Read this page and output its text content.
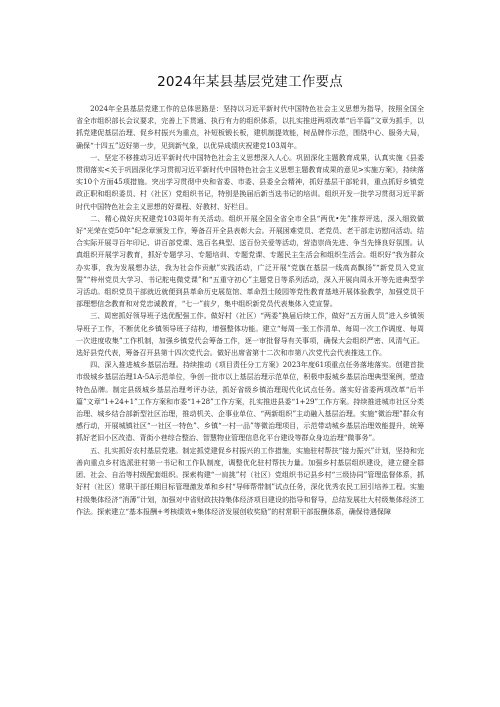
2024年某县基层党建工作要点

2024年全县基层党建工作的总体思路是：坚持以习近平新时代中国特色社会主义思想为指导，按照全国全省全市组织部长会议要求，完善上下贯通、执行有力的组织体系，以扎实推进两项改革“后半篇”文章为抓手，以抓党建促基层治理、促乡村振兴为重点，补短板锻长板，建机制提效能，树品牌作示范，围绕中心、服务大局，确保“十四五”迈好第一步，见到新气象，以优异成绩庆祝建党103周年。

一、坚定不移推动习近平新时代中国特色社会主义思想深入人心。巩固深化主题教育成果，认真实施《县委贯彻落实<关于巩固深化学习贯彻习近平新时代中国特色社会主义思想主题教育成果的意见>实施方案》，持续落实10个方面45项措施。突出学习贯彻中央和省委、市委、县委全会精神，抓好基层干部轮训，重点抓好乡镇党政正职和组织委员、村（社区）党组织书记，特别是换届后新当选书记的培训。组织开发一批学习贯彻习近平新时代中国特色社会主义思想的好课程、好教材、好栏目。

二、精心做好庆祝建党103周年有关活动。组织开展全国全省全市全县“两优•先”推荐评选，深入细致做好“光荣在党50年”纪念章颁发工作，筹备召开全县表彰大会。开展困难党员、老党员、老干部走访慰问活动。结合实际开展寻百年印记、讲百部党课、选百名典型、送百份关爱等活动，营造崇尚先进、争当先锋良好氛围。认真组织开展学习教育，抓好专题学习、专题培训、专题党课、专题民主生活会和组织生活会。组织好“我为群众办实事，我为发展想办法，我为社会作贡献”实践活动，广泛开展“党旗在基层一线高高飘扬”“新党员入党宣誓”“梓州党员大学习、书记舵电微党课”和“五重守初心”主题党日等系列活动，深入开展向周永开等先进典型学习活动。组织党员干部就近就便到县革命历史展览馆、革命烈士陵园等党性教育基地开展体验教学，加强党员干部理想信念教育和对党忠诚教育，“七一”前夕，集中组织新党员代表集体入党宣誓。

三、周密抓好领导班子选优配强工作。做好村（社区）“两委”换届后续工作，做好“五方面人员”进入乡镇领导班子工作，不断优化乡镇领导班子结构，增强整体功能。建立“每周一张工作清单、每周一次工作调度、每周一次进度收集”工作机制，加强乡镇党代会筹备工作，逐一审批督导有关事项，确保大会组织严密、风清气正。选好县党代表，筹备召开县第十四次党代会。做好出席省第十二次和市第八次党代会代表推选工作。

四、深入推进城乡基层治理。持续推动《项目责任分工方案》2023年度61项重点任务落地落实。创建首批市级城乡基层治理1A-5A示范单位，争创一批市以上基层治理示范单位，积极申报城乡基层治理典型案例，塑造特色品牌。制定县级城乡基层治理考评办法，抓好省级乡镇治理现代化试点任务。落实好省委两项改革“后半篇”文章“1+24+1”工作方案和市委“1+28”工作方案，扎实推进县委“1+29”工作方案。持续推进城市社区分类治理、城乡结合部新型社区治理，推动机关、企事业单位、“两新组织”主动融入基层治理。实施“微治理”群众有感行动，开展城镇社区“一社区一特色”、乡镇“一村一品”等微治理项目，示范带动城乡基层治理效能提升，统筹抓好老旧小区改造、背街小巷综合整治、智慧物业管理信息化平台建设等群众身边治理“微事务”。

五、扎实抓好农村基层党建。制定抓党建促乡村振兴的工作措施，实施驻村帮扶“接力振兴”计划，坚持和完善向重点乡村选派驻村第一书记和工作队制度，调整优化驻村帮扶力量。加强乡村基层组织建设，建立健全群团、社会、自治等村级配套组织。探索构建“一肩挑”村（社区）党组织书记县乡村“三级协同”管理监督体系，抓好村（社区）常职干部任期目标管理激发革和乡村“导师帮带制”试点任务，深化优秀农民工回引培养工程。实施村级集体经济“消薄”计划，加强对中省财政扶持集体经济项目建设的指导和督导，总结发展壮大村级集体经济工作法。探索建立“基本报酬+考核绩效+集体经济发展创收奖励”的村常职干部报酬体系，确保待遇保障
